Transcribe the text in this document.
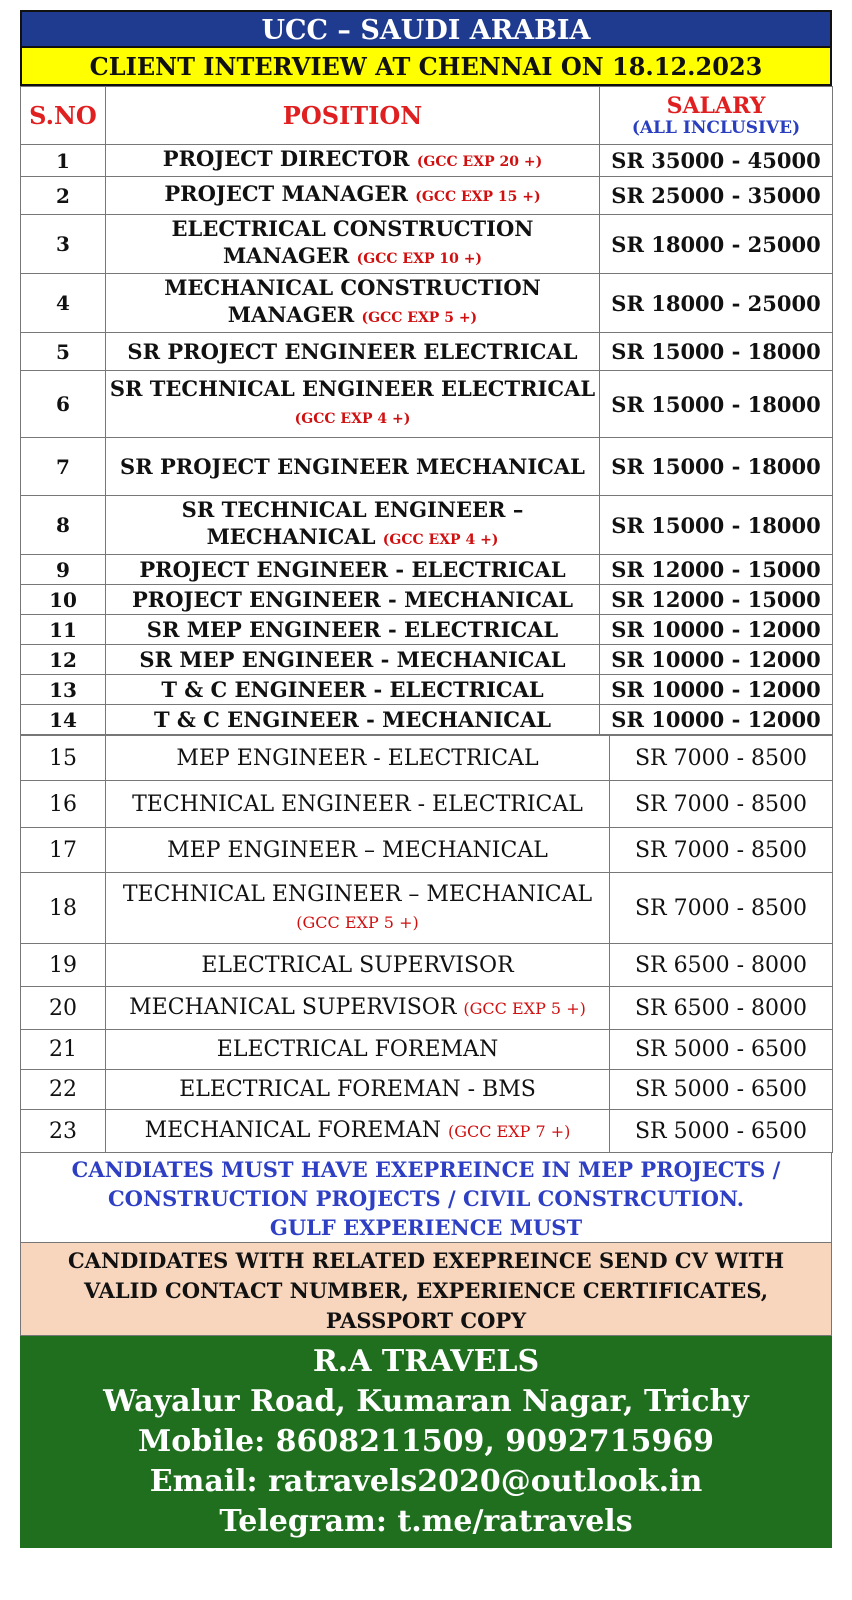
UCC – SAUDI ARABIA
CLIENT INTERVIEW AT CHENNAI ON 18.12.2023
S.NO	POSITION	SALARY
(ALL INCLUSIVE)

1	PROJECT DIRECTOR (GCC EXP 20 +)	SR 35000 - 45000
2	PROJECT MANAGER (GCC EXP 15 +)	SR 25000 - 35000
3	ELECTRICAL CONSTRUCTION MANAGER (GCC EXP 10 +)	SR 18000 - 25000
4	MECHANICAL CONSTRUCTION MANAGER (GCC EXP 5 +)	SR 18000 - 25000
5	SR PROJECT ENGINEER ELECTRICAL	SR 15000 - 18000
6	SR TECHNICAL ENGINEER ELECTRICAL (GCC EXP 4 +)	SR 15000 - 18000
7	SR PROJECT ENGINEER MECHANICAL	SR 15000 - 18000
8	SR TECHNICAL ENGINEER – MECHANICAL (GCC EXP 4 +)	SR 15000 - 18000
9	PROJECT ENGINEER - ELECTRICAL	SR 12000 - 15000
10	PROJECT ENGINEER - MECHANICAL	SR 12000 - 15000
11	SR MEP ENGINEER - ELECTRICAL	SR 10000 - 12000
12	SR MEP ENGINEER - MECHANICAL	SR 10000 - 12000
13	T & C ENGINEER - ELECTRICAL	SR 10000 - 12000
14	T & C ENGINEER - MECHANICAL	SR 10000 - 12000
15	MEP ENGINEER - ELECTRICAL	SR 7000 - 8500
16	TECHNICAL ENGINEER - ELECTRICAL	SR 7000 - 8500
17	MEP ENGINEER – MECHANICAL	SR 7000 - 8500
18	TECHNICAL ENGINEER – MECHANICAL (GCC EXP 5 +)	SR 7000 - 8500
19	ELECTRICAL SUPERVISOR	SR 6500 - 8000
20	MECHANICAL SUPERVISOR (GCC EXP 5 +)	SR 6500 - 8000
21	ELECTRICAL FOREMAN	SR 5000 - 6500
22	ELECTRICAL FOREMAN - BMS	SR 5000 - 6500
23	MECHANICAL FOREMAN (GCC EXP 7 +)	SR 5000 - 6500
CANDIATES MUST HAVE EXEPREINCE IN MEP PROJECTS /
CONSTRUCTION PROJECTS / CIVIL CONSTRCUTION.
GULF EXPERIENCE MUST
CANDIDATES WITH RELATED EXEPREINCE SEND CV WITH
VALID CONTACT NUMBER, EXPERIENCE CERTIFICATES,
PASSPORT COPY
R.A TRAVELS
Wayalur Road, Kumaran Nagar, Trichy
Mobile: 8608211509, 9092715969
Email: ratravels2020@outlook.in
Telegram: t.me/ratravels
